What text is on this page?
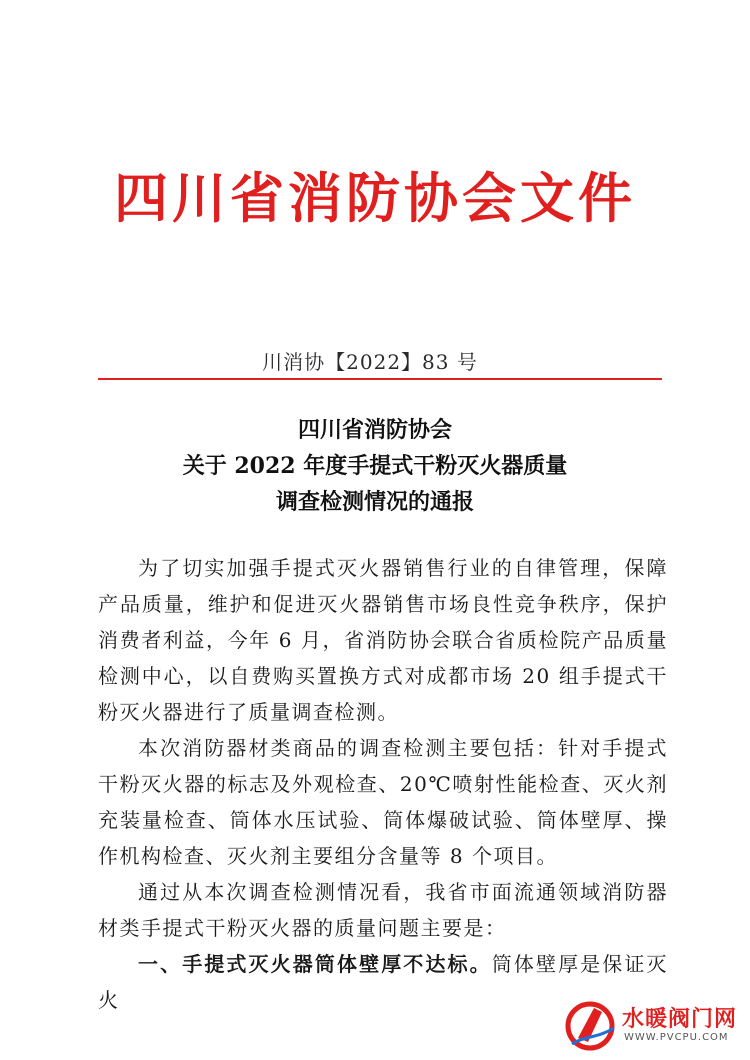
四川省消防协会文件
川消协【2022】83 号
四川省消防协会
关于 2022 年度手提式干粉灭火器质量
调查检测情况的通报

为了切实加强手提式灭火器销售行业的自律管理，保障产品质量，维护和促进灭火器销售市场良性竞争秩序，保护消费者利益，今年 6 月，省消防协会联合省质检院产品质量检测中心，以自费购买置换方式对成都市场 20 组手提式干粉灭火器进行了质量调查检测。

本次消防器材类商品的调查检测主要包括：针对手提式干粉灭火器的标志及外观检查、20℃喷射性能检查、灭火剂充装量检查、筒体水压试验、筒体爆破试验、筒体壁厚、操作机构检查、灭火剂主要组分含量等 8 个项目。

通过从本次调查检测情况看，我省市面流通领域消防器材类手提式干粉灭火器的质量问题主要是：

一、手提式灭火器筒体壁厚不达标。筒体壁厚是保证灭火

水暖阀门网
WWW.PVCPU.COM
